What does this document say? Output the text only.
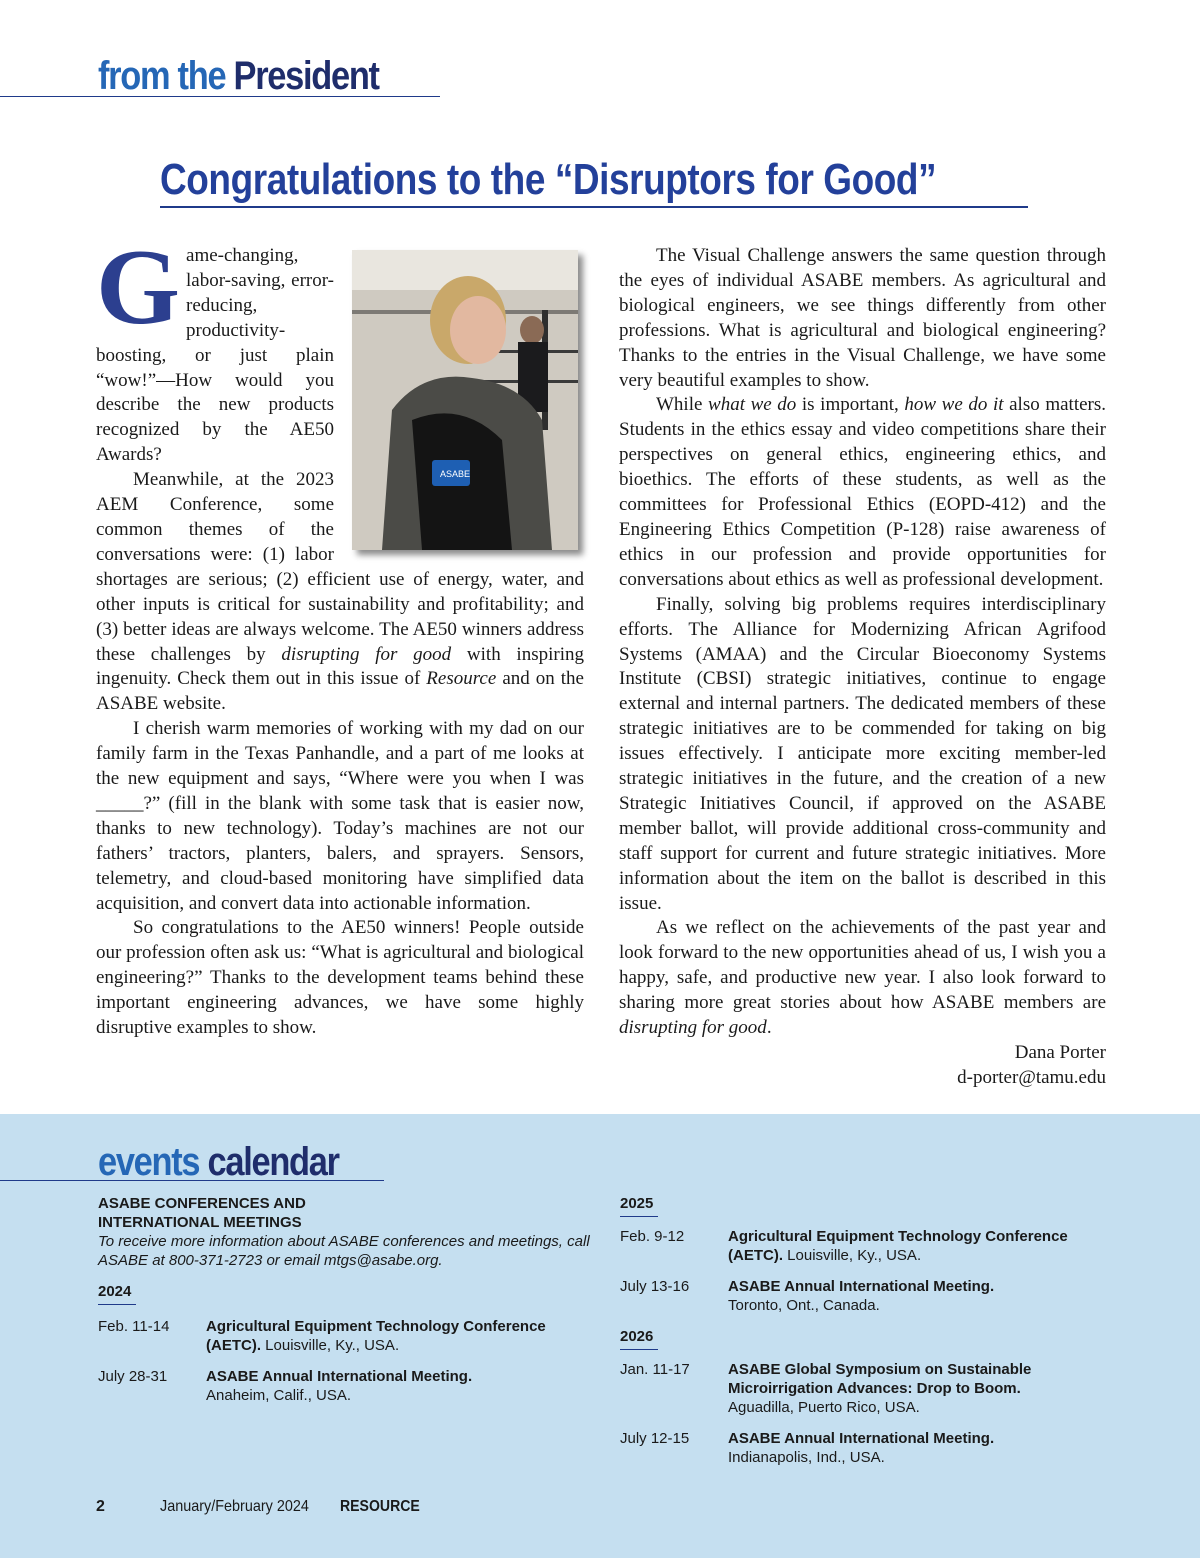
from the President
Congratulations to the “Disruptors for Good”
ASABE

Game-changing, labor-saving, error-reducing, productivity-boosting, or just plain “wow!”—How would you describe the new products recognized by the AE50 Awards?

Meanwhile, at the 2023 AEM Conference, some common themes of the conversations were: (1) labor shortages are serious; (2) efficient use of energy, water, and other inputs is critical for sustainability and profitability; and (3) better ideas are always welcome. The AE50 winners address these challenges by disrupting for good with inspiring ingenuity. Check them out in this issue of Resource and on the ASABE website.

I cherish warm memories of working with my dad on our family farm in the Texas Panhandle, and a part of me looks at the new equipment and says, “Where were you when I was _____?” (fill in the blank with some task that is easier now, thanks to new technology). Today’s machines are not our fathers’ tractors, planters, balers, and sprayers. Sensors, telemetry, and cloud-based monitoring have simplified data acquisition, and convert data into actionable information.

So congratulations to the AE50 winners! People outside our profession often ask us: “What is agricultural and biological engineering?” Thanks to the development teams behind these important engineering advances, we have some highly disruptive examples to show.

The Visual Challenge answers the same question through the eyes of individual ASABE members. As agricultural and biological engineers, we see things differently from other professions. What is agricultural and biological engineering? Thanks to the entries in the Visual Challenge, we have some very beautiful examples to show.

While what we do is important, how we do it also matters. Students in the ethics essay and video competitions share their perspectives on general ethics, engineering ethics, and bioethics. The efforts of these students, as well as the committees for Professional Ethics (EOPD-412) and the Engineering Ethics Competition (P-128) raise awareness of ethics in our profession and provide opportunities for conversations about ethics as well as professional development.

Finally, solving big problems requires interdisciplinary efforts. The Alliance for Modernizing African Agrifood Systems (AMAA) and the Circular Bioeconomy Systems Institute (CBSI) strategic initiatives, continue to engage external and internal partners. The dedicated members of these strategic initiatives are to be commended for taking on big issues effectively. I anticipate more exciting member-led strategic initiatives in the future, and the creation of a new Strategic Initiatives Council, if approved on the ASABE member ballot, will provide additional cross-community and staff support for current and future strategic initiatives. More information about the item on the ballot is described in this issue.

As we reflect on the achievements of the past year and look forward to the new opportunities ahead of us, I wish you a happy, safe, and productive new year. I also look forward to sharing more great stories about how ASABE members are disrupting for good.

Dana Porter

d-porter@tamu.edu

events calendar
ASABE CONFERENCES AND INTERNATIONAL MEETINGS
To receive more information about ASABE conferences and meetings, call ASABE at 800-371-2723 or email mtgs@asabe.org.
2024
Feb. 11-14	Agricultural Equipment Technology Conference (AETC). Louisville, Ky., USA.
July 28-31	ASABE Annual International Meeting.
Anaheim, Calif., USA.
2025
Feb. 9-12	Agricultural Equipment Technology Conference (AETC). Louisville, Ky., USA.
July 13-16	ASABE Annual International Meeting.
Toronto, Ont., Canada.
2026
Jan. 11-17	ASABE Global Symposium on Sustainable Microirrigation Advances: Drop to Boom.
Aguadilla, Puerto Rico, USA.
July 12-15	ASABE Annual International Meeting.
Indianapolis, Ind., USA.
2	January/February 2024 RESOURCE
